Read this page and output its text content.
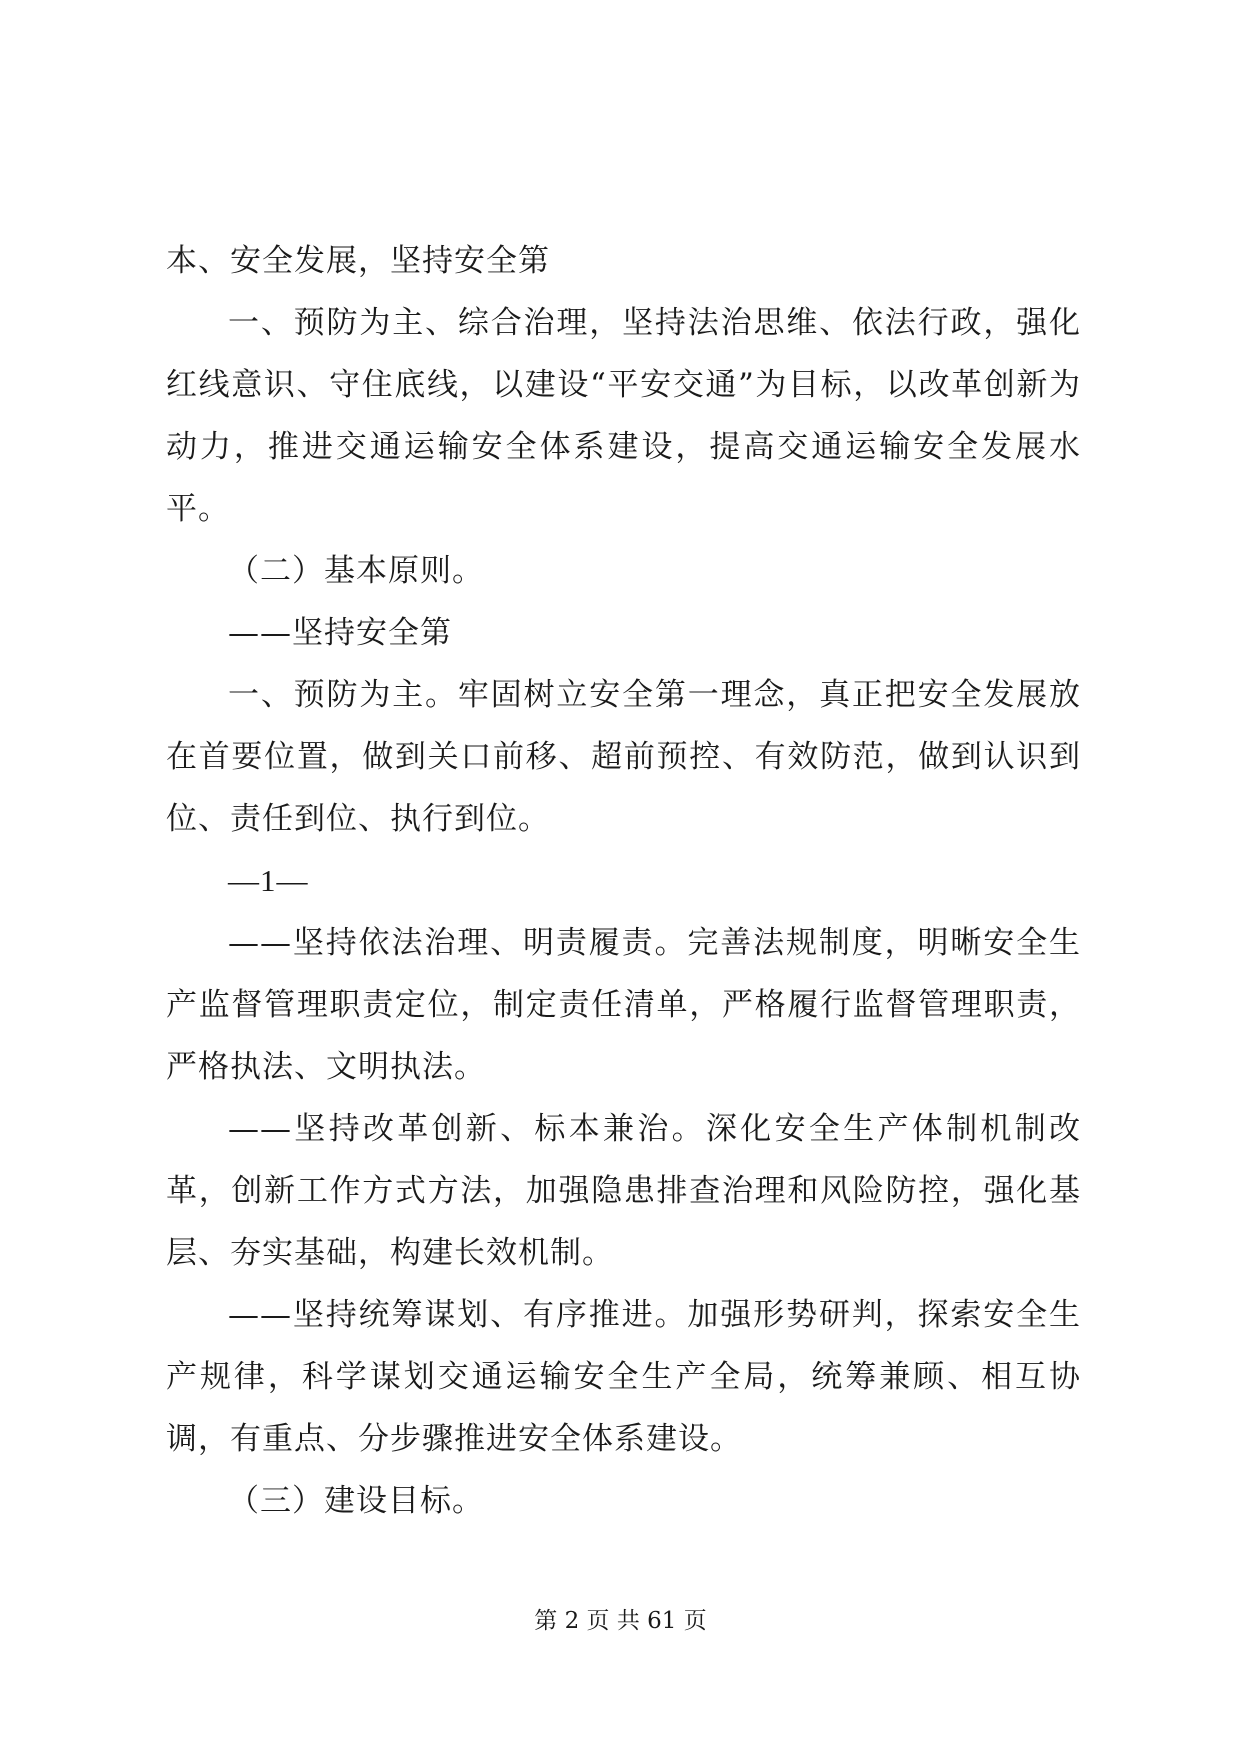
本、安全发展，坚持安全第

一、预防为主、综合治理，坚持法治思维、依法行政，强化红线意识、守住底线，以建设“平安交通”为目标，以改革创新为动力，推进交通运输安全体系建设，提高交通运输安全发展水平。

（二）基本原则。

——坚持安全第

一、预防为主。牢固树立安全第一理念，真正把安全发展放在首要位置，做到关口前移、超前预控、有效防范，做到认识到位、责任到位、执行到位。

—1—

——坚持依法治理、明责履责。完善法规制度，明晰安全生产监督管理职责定位，制定责任清单，严格履行监督管理职责，严格执法、文明执法。

——坚持改革创新、标本兼治。深化安全生产体制机制改革，创新工作方式方法，加强隐患排查治理和风险防控，强化基层、夯实基础，构建长效机制。

——坚持统筹谋划、有序推进。加强形势研判，探索安全生产规律，科学谋划交通运输安全生产全局，统筹兼顾、相互协调，有重点、分步骤推进安全体系建设。

（三）建设目标。

第 2 页 共 61 页
